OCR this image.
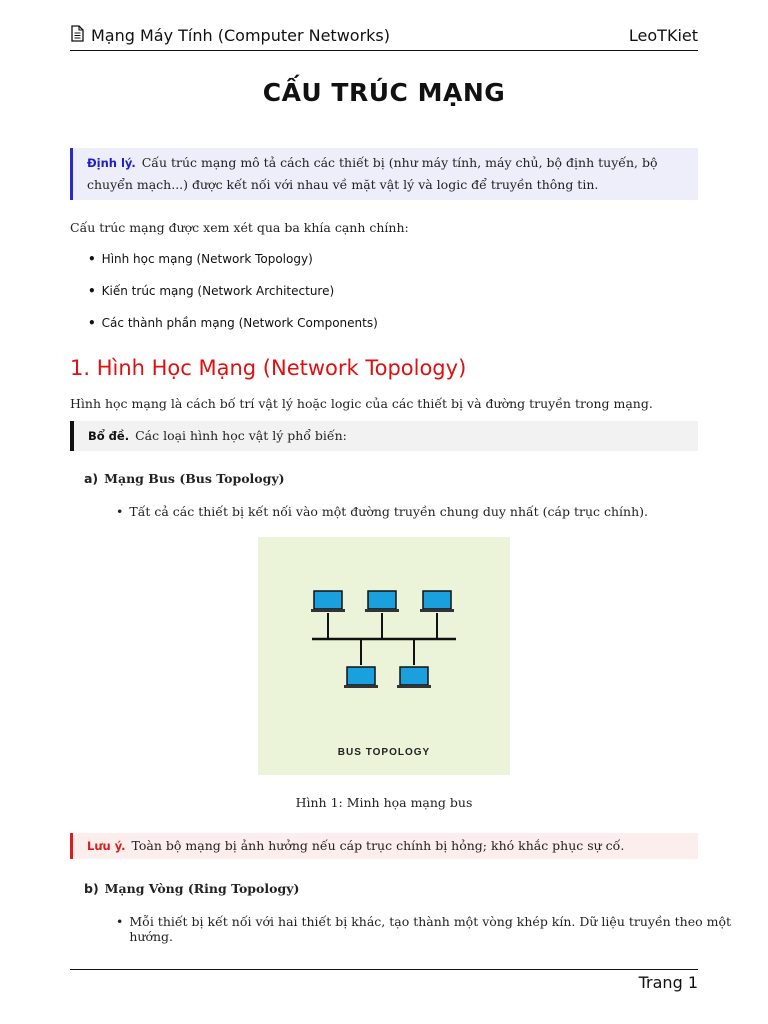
Mạng Máy Tính (Computer Networks)	LeoTKiet
CẤU TRÚC MẠNG
Định lý. Cấu trúc mạng mô tả cách các thiết bị (như máy tính, máy chủ, bộ định tuyến, bộ chuyển mạch...) được kết nối với nhau về mặt vật lý và logic để truyền thông tin.
Cấu trúc mạng được xem xét qua ba khía cạnh chính:
• Hình học mạng (Network Topology)
• Kiến trúc mạng (Network Architecture)
• Các thành phần mạng (Network Components)
1. Hình Học Mạng (Network Topology)
Hình học mạng là cách bố trí vật lý hoặc logic của các thiết bị và đường truyền trong mạng.
Bổ đề. Các loại hình học vật lý phổ biến:
a) Mạng Bus (Bus Topology)
• Tất cả các thiết bị kết nối vào một đường truyền chung duy nhất (cáp trục chính).
BUS TOPOLOGY
Hình 1: Minh họa mạng bus
Lưu ý. Toàn bộ mạng bị ảnh hưởng nếu cáp trục chính bị hỏng; khó khắc phục sự cố.
b) Mạng Vòng (Ring Topology)
• Mỗi thiết bị kết nối với hai thiết bị khác, tạo thành một vòng khép kín. Dữ liệu truyền theo một hướng.
Trang 1
